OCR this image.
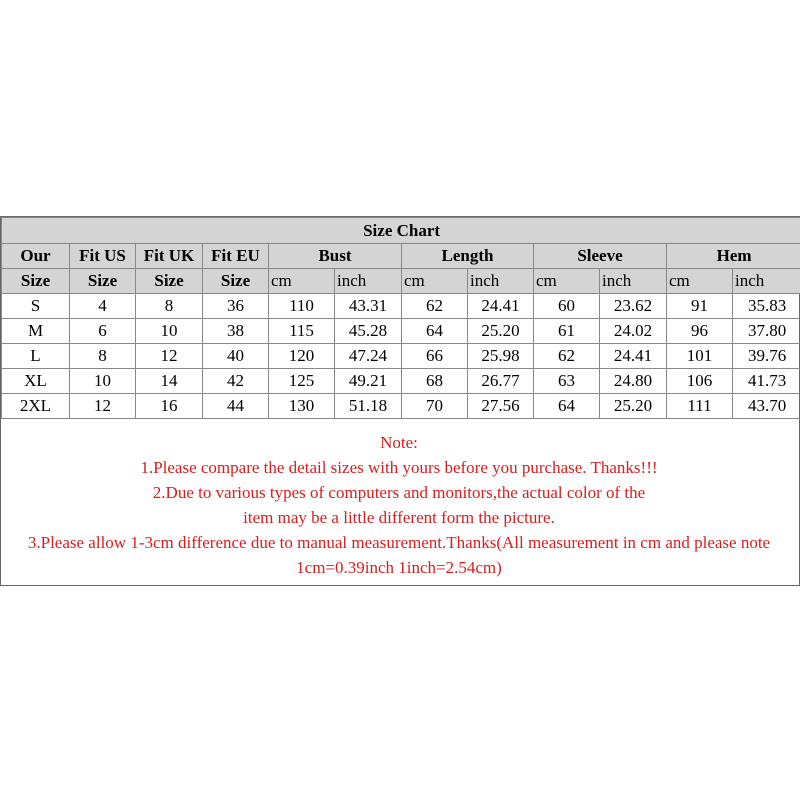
Size Chart											
Our	Fit US	Fit UK	Fit EU	Bust		Length		Sleeve		Hem	
Size	Size	Size	Size	cm	inch	cm	inch	cm	inch	cm	inch
S	4	8	36	110	43.31	62	24.41	60	23.62	91	35.83
M	6	10	38	115	45.28	64	25.20	61	24.02	96	37.80
L	8	12	40	120	47.24	66	25.98	62	24.41	101	39.76
XL	10	14	42	125	49.21	68	26.77	63	24.80	106	41.73
2XL	12	16	44	130	51.18	70	27.56	64	25.20	111	43.70

Note:
1.Please compare the detail sizes with yours before you purchase. Thanks!!!
2.Due to various types of computers and monitors,the actual color of the item may be a little different form the picture.
3.Please allow 1-3cm difference due to manual measurement.Thanks(All measurement in cm and please note 1cm=0.39inch 1inch=2.54cm)
